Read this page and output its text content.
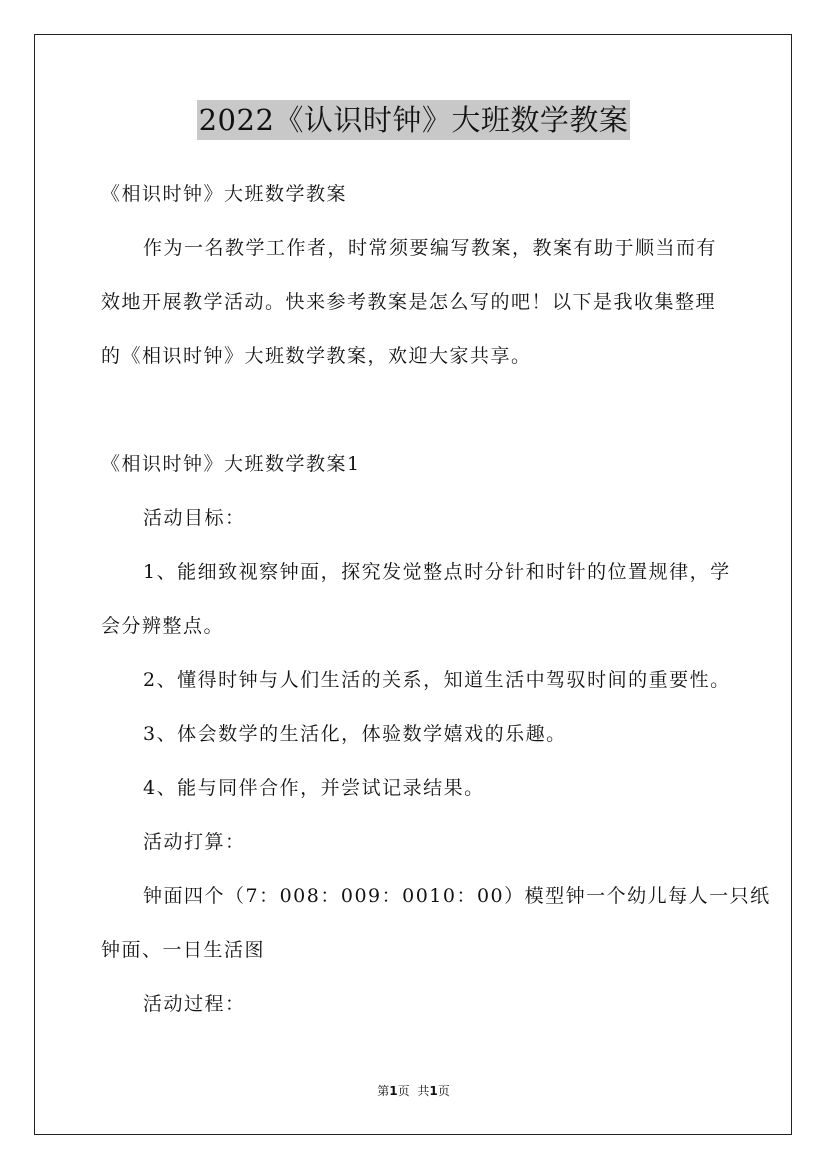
2022《认识时钟》大班数学教案
《相识时钟》大班数学教案
作为一名教学工作者，时常须要编写教案，教案有助于顺当而有
效地开展教学活动。快来参考教案是怎么写的吧！以下是我收集整理
的《相识时钟》大班数学教案，欢迎大家共享。
《相识时钟》大班数学教案1
活动目标：
1、能细致视察钟面，探究发觉整点时分针和时针的位置规律，学
会分辨整点。
2、懂得时钟与人们生活的关系，知道生活中驾驭时间的重要性。
3、体会数学的生活化，体验数学嬉戏的乐趣。
4、能与同伴合作，并尝试记录结果。
活动打算：
钟面四个（7：008：009：0010：00）模型钟一个幼儿每人一只纸
钟面、一日生活图
活动过程：
第1页 共1页
